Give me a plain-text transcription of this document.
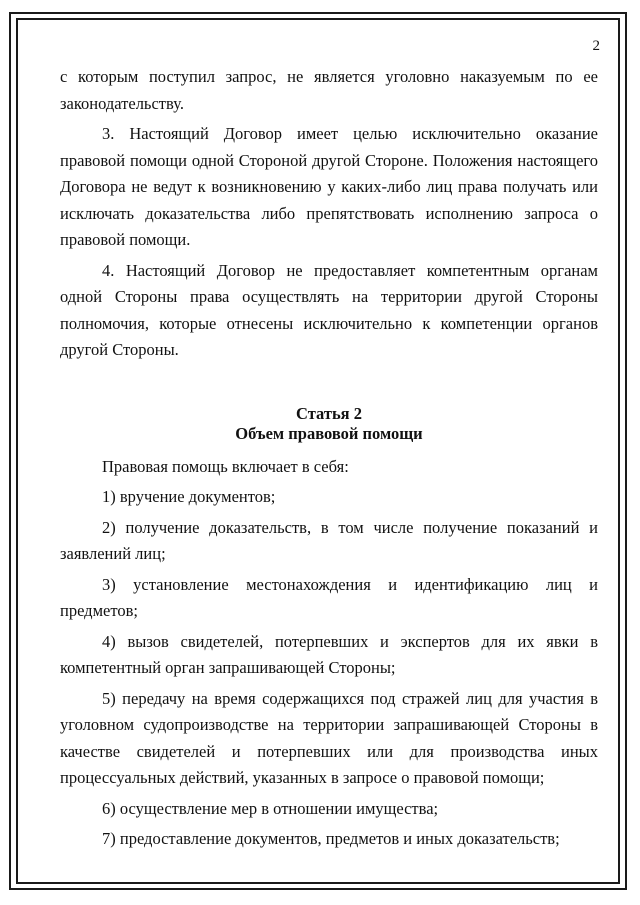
2

с которым поступил запрос, не является уголовно наказуемым по ее законодательству.

3. Настоящий Договор имеет целью исключительно оказание правовой помощи одной Стороной другой Стороне. Положения настоящего Договора не ведут к возникновению у каких-либо лиц права получать или исключать доказательства либо препятствовать исполнению запроса о правовой помощи.

4. Настоящий Договор не предоставляет компетентным органам одной Стороны права осуществлять на территории другой Стороны полномочия, которые отнесены исключительно к компетенции органов другой Стороны.

Статья 2
Объем правовой помощи

Правовая помощь включает в себя:

1) вручение документов;

2) получение доказательств, в том числе получение показаний и заявлений лиц;

3) установление местонахождения и идентификацию лиц и предметов;

4) вызов свидетелей, потерпевших и экспертов для их явки в компетентный орган запрашивающей Стороны;

5) передачу на время содержащихся под стражей лиц для участия в уголовном судопроизводстве на территории запрашивающей Стороны в качестве свидетелей и потерпевших или для производства иных процессуальных действий, указанных в запросе о правовой помощи;

6) осуществление мер в отношении имущества;

7) предоставление документов, предметов и иных доказательств;
